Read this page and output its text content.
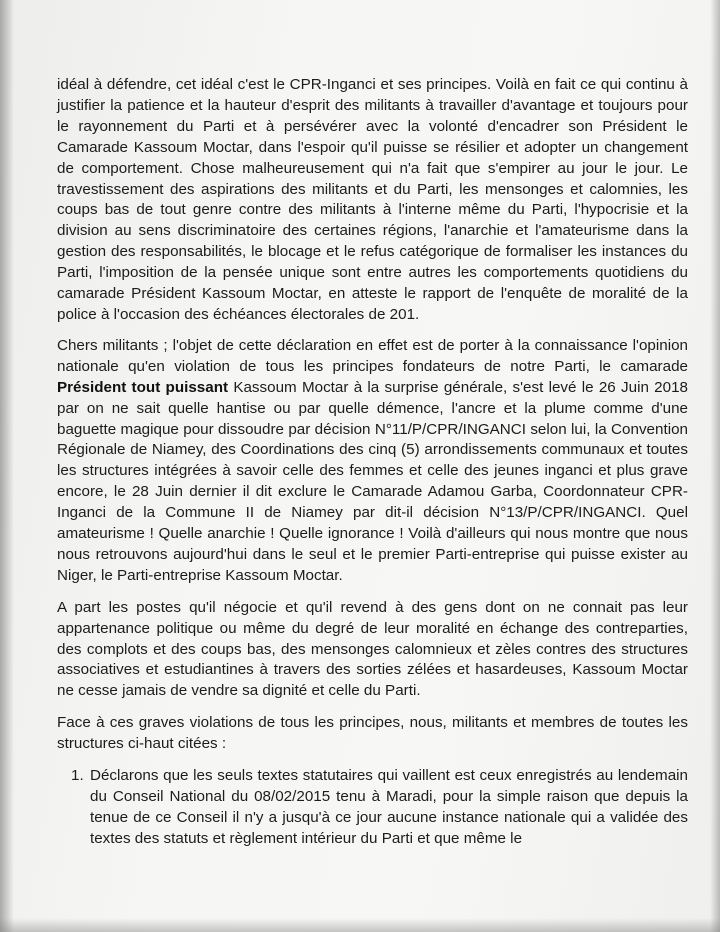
idéal à défendre, cet idéal c'est le CPR-Inganci et ses principes. Voilà en fait ce qui continu à justifier la patience et la hauteur d'esprit des militants à travailler d'avantage et toujours pour le rayonnement du Parti et à persévérer avec la volonté d'encadrer son Président le Camarade Kassoum Moctar, dans l'espoir qu'il puisse se résilier et adopter un changement de comportement. Chose malheureusement qui n'a fait que s'empirer au jour le jour. Le travestissement des aspirations des militants et du Parti, les mensonges et calomnies, les coups bas de tout genre contre des militants à l'interne même du Parti, l'hypocrisie et la division au sens discriminatoire des certaines régions, l'anarchie et l'amateurisme dans la gestion des responsabilités, le blocage et le refus catégorique de formaliser les instances du Parti, l'imposition de la pensée unique sont entre autres les comportements quotidiens du camarade Président Kassoum Moctar, en atteste le rapport de l'enquête de moralité de la police à l'occasion des échéances électorales de 201.

Chers militants ; l'objet de cette déclaration en effet est de porter à la connaissance l'opinion nationale qu'en violation de tous les principes fondateurs de notre Parti, le camarade Président tout puissant Kassoum Moctar à la surprise générale, s'est levé le 26 Juin 2018 par on ne sait quelle hantise ou par quelle démence, l'ancre et la plume comme d'une baguette magique pour dissoudre par décision N°11/P/CPR/INGANCI selon lui, la Convention Régionale de Niamey, des Coordinations des cinq (5) arrondissements communaux et toutes les structures intégrées à savoir celle des femmes et celle des jeunes inganci et plus grave encore, le 28 Juin dernier il dit exclure le Camarade Adamou Garba, Coordonnateur CPR-Inganci de la Commune II de Niamey par dit-il décision N°13/P/CPR/INGANCI. Quel amateurisme ! Quelle anarchie ! Quelle ignorance ! Voilà d'ailleurs qui nous montre que nous nous retrouvons aujourd'hui dans le seul et le premier Parti-entreprise qui puisse exister au Niger, le Parti-entreprise Kassoum Moctar.

A part les postes qu'il négocie et qu'il revend à des gens dont on ne connait pas leur appartenance politique ou même du degré de leur moralité en échange des contreparties, des complots et des coups bas, des mensonges calomnieux et zèles contres des structures associatives et estudiantines à travers des sorties zélées et hasardeuses, Kassoum Moctar ne cesse jamais de vendre sa dignité et celle du Parti.

Face à ces graves violations de tous les principes, nous, militants et membres de toutes les structures ci-haut citées :

1. Déclarons que les seuls textes statutaires qui vaillent est ceux enregistrés au lendemain du Conseil National du 08/02/2015 tenu à Maradi, pour la simple raison que depuis la tenue de ce Conseil il n'y a jusqu'à ce jour aucune instance nationale qui a validée des textes des statuts et règlement intérieur du Parti et que même le
